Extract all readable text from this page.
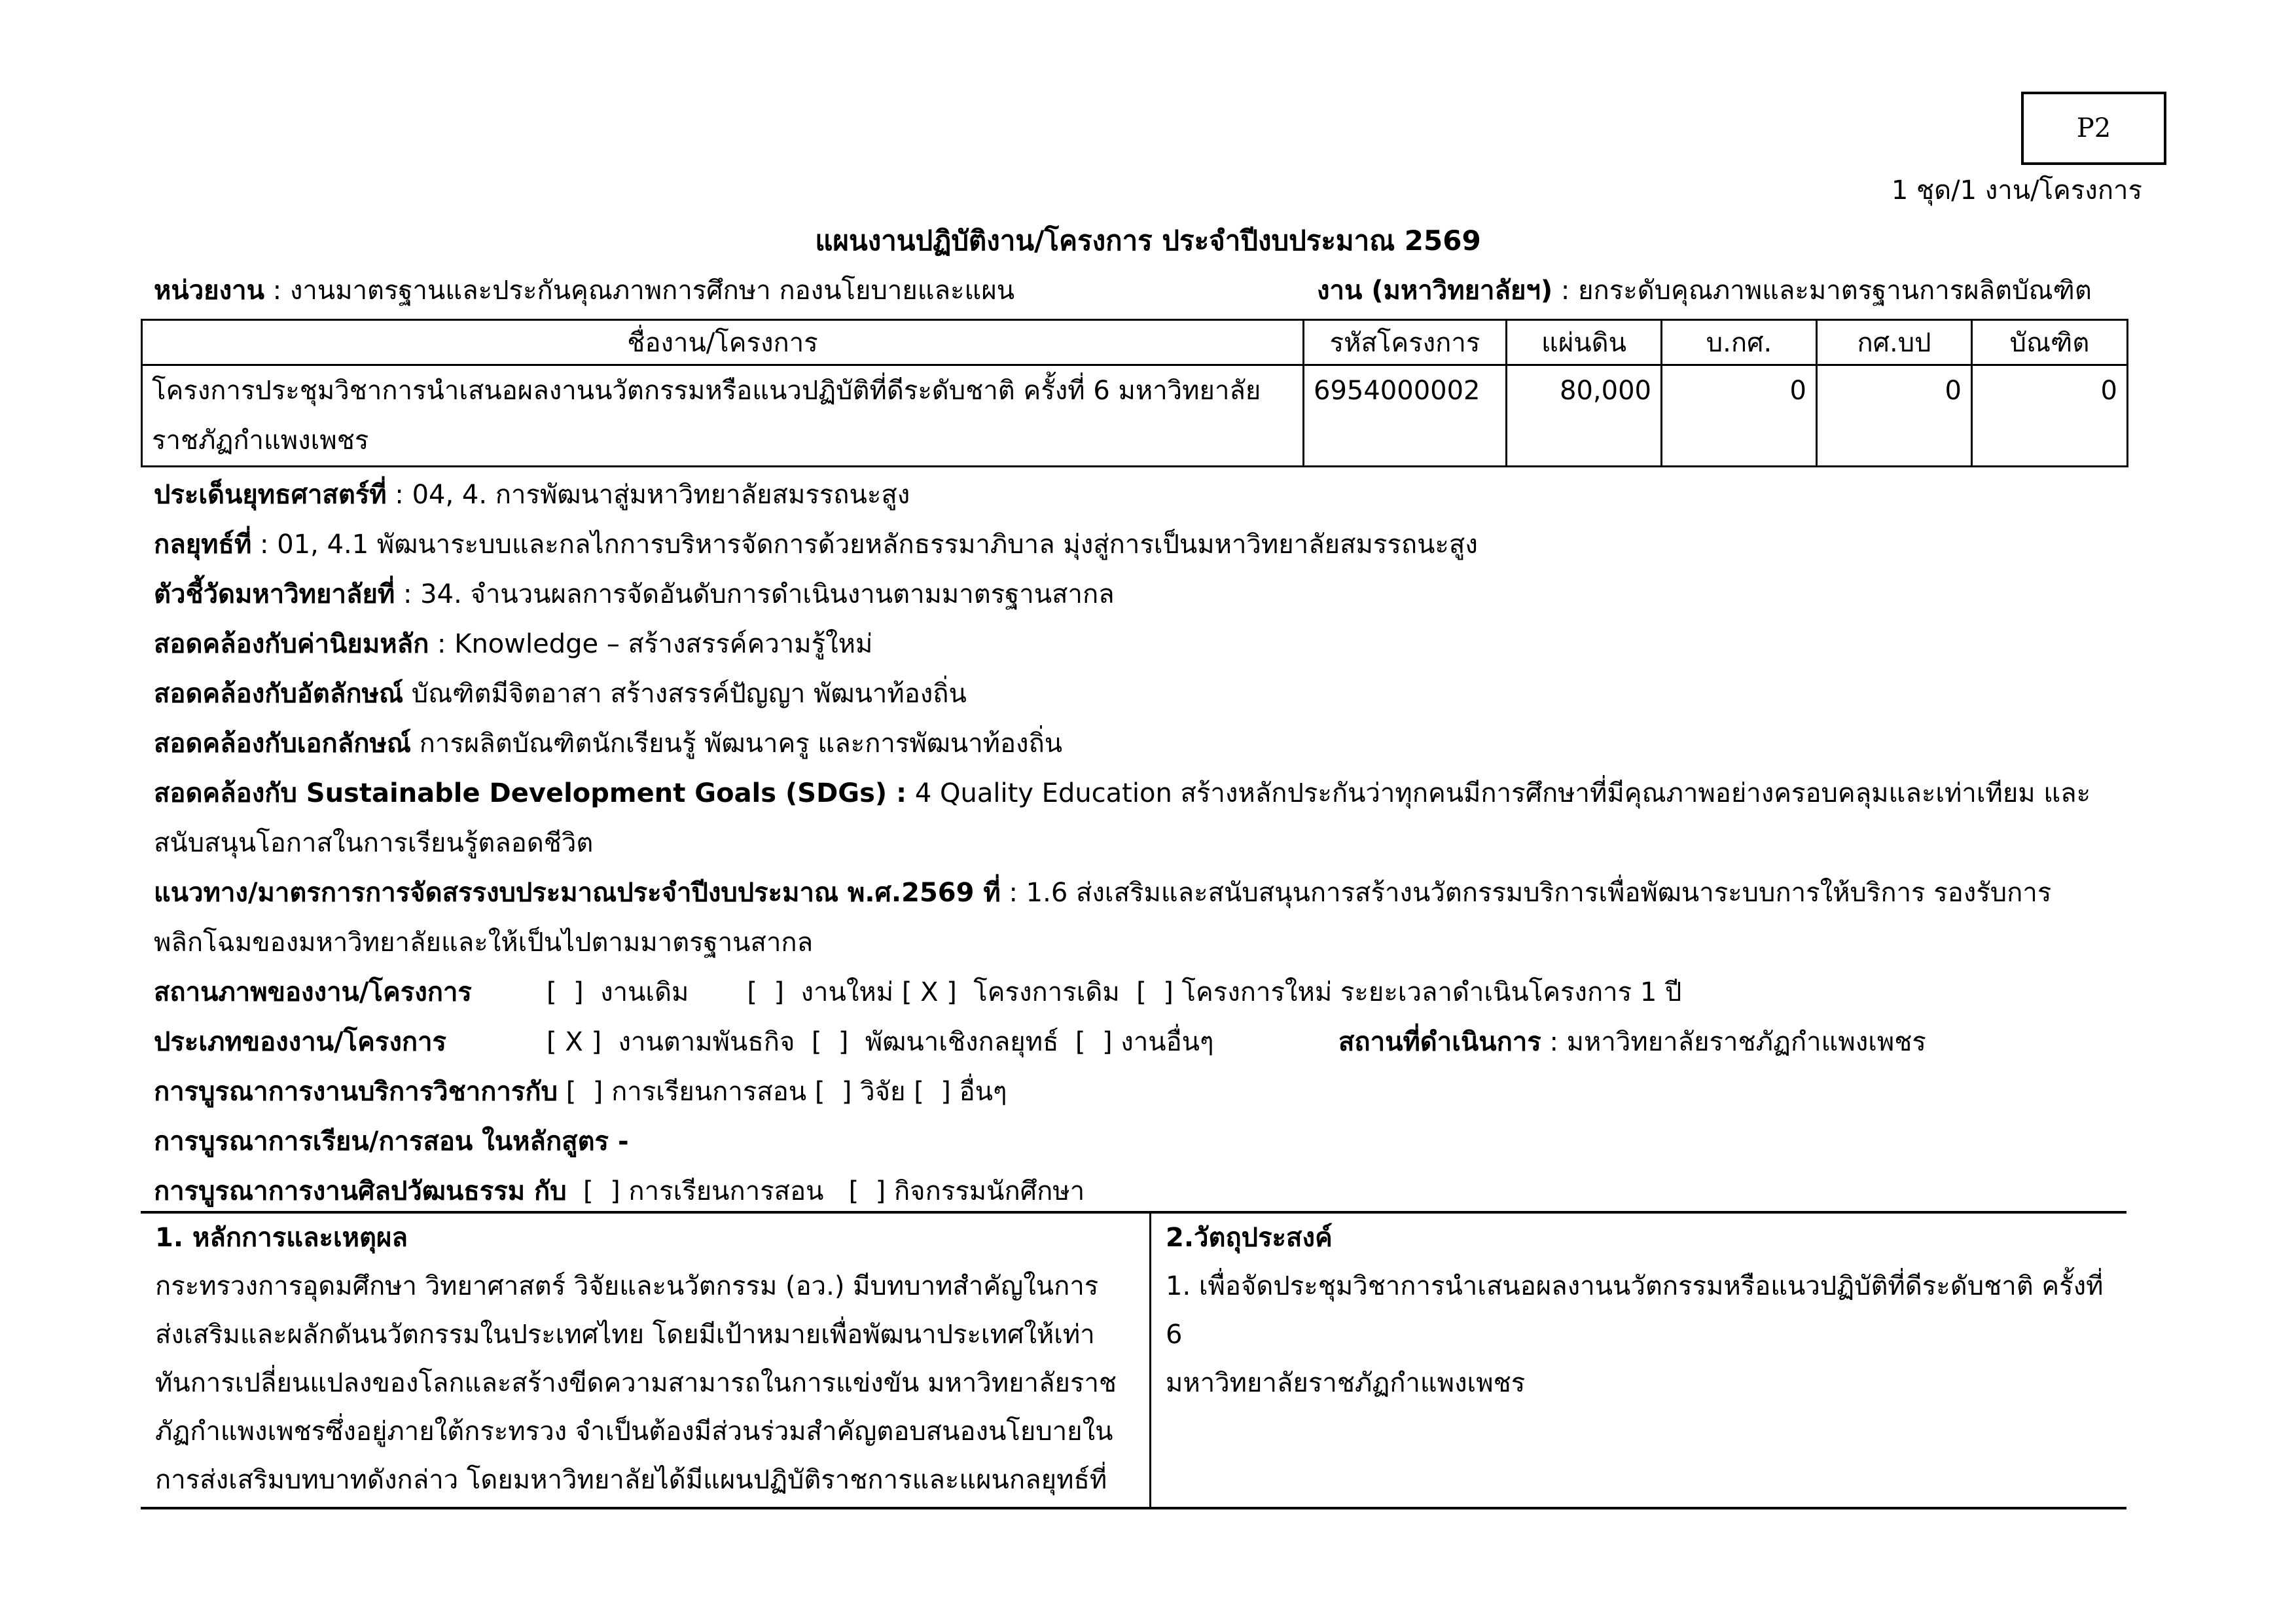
P2
1 ชุด/1 งาน/โครงการ
แผนงานปฏิบัติงาน/โครงการ ประจำปีงบประมาณ 2569
หน่วยงาน : งานมาตรฐานและประกันคุณภาพการศึกษา กองนโยบายและแผน	งาน (มหาวิทยาลัยฯ) : ยกระดับคุณภาพและมาตรฐานการผลิตบัณฑิต
ชื่องาน/โครงการ	รหัสโครงการ	แผ่นดิน	บ.กศ.	กศ.บป	บัณฑิต
โครงการประชุมวิชาการนำเสนอผลงานนวัตกรรมหรือแนวปฏิบัติที่ดีระดับชาติ ครั้งที่ 6 มหาวิทยาลัยราชภัฏกำแพงเพชร	6954000002	80,000	0	0	0
ประเด็นยุทธศาสตร์ที่ : 04, 4. การพัฒนาสู่มหาวิทยาลัยสมรรถนะสูง
กลยุทธ์ที่ : 01, 4.1 พัฒนาระบบและกลไกการบริหารจัดการด้วยหลักธรรมาภิบาล มุ่งสู่การเป็นมหาวิทยาลัยสมรรถนะสูง
ตัวชี้วัดมหาวิทยาลัยที่ : 34. จำนวนผลการจัดอันดับการดำเนินงานตามมาตรฐานสากล
สอดคล้องกับค่านิยมหลัก : Knowledge – สร้างสรรค์ความรู้ใหม่
สอดคล้องกับอัตลักษณ์ บัณฑิตมีจิตอาสา สร้างสรรค์ปัญญา พัฒนาท้องถิ่น
สอดคล้องกับเอกลักษณ์ การผลิตบัณฑิตนักเรียนรู้ พัฒนาครู และการพัฒนาท้องถิ่น
สอดคล้องกับ Sustainable Development Goals (SDGs) : 4 Quality Education สร้างหลักประกันว่าทุกคนมีการศึกษาที่มีคุณภาพอย่างครอบคลุมและเท่าเทียม และ
สนับสนุนโอกาสในการเรียนรู้ตลอดชีวิต
แนวทาง/มาตรการการจัดสรรงบประมาณประจำปีงบประมาณ พ.ศ.2569 ที่ : 1.6 ส่งเสริมและสนับสนุนการสร้างนวัตกรรมบริการเพื่อพัฒนาระบบการให้บริการ รองรับการ
พลิกโฉมของมหาวิทยาลัยและให้เป็นไปตามมาตรฐานสากล
สถานภาพของงาน/โครงการ	[  ]  งานเดิม       [  ]  งานใหม่ [ X ]  โครงการเดิม  [  ] โครงการใหม่ ระยะเวลาดำเนินโครงการ 1 ปี
ประเภทของงาน/โครงการ	[ X ]  งานตามพันธกิจ  [  ]  พัฒนาเชิงกลยุทธ์  [  ] งานอื่นๆ	สถานที่ดำเนินการ : มหาวิทยาลัยราชภัฏกำแพงเพชร
การบูรณาการงานบริการวิชาการกับ [  ] การเรียนการสอน [  ] วิจัย [  ] อื่นๆ
การบูรณาการเรียน/การสอน ในหลักสูตร -
การบูรณาการงานศิลปวัฒนธรรม กับ  [  ] การเรียนการสอน   [  ] กิจกรรมนักศึกษา
1. หลักการและเหตุผล
กระทรวงการอุดมศึกษา วิทยาศาสตร์ วิจัยและนวัตกรรม (อว.) มีบทบาทสำคัญในการ
ส่งเสริมและผลักดันนวัตกรรมในประเทศไทย โดยมีเป้าหมายเพื่อพัฒนาประเทศให้เท่า
ทันการเปลี่ยนแปลงของโลกและสร้างขีดความสามารถในการแข่งขัน มหาวิทยาลัยราช
ภัฏกำแพงเพชรซึ่งอยู่ภายใต้กระทรวง จำเป็นต้องมีส่วนร่วมสำคัญตอบสนองนโยบายใน
การส่งเสริมบทบาทดังกล่าว โดยมหาวิทยาลัยได้มีแผนปฏิบัติราชการและแผนกลยุทธ์ที่
2.วัตถุประสงค์
1. เพื่อจัดประชุมวิชาการนำเสนอผลงานนวัตกรรมหรือแนวปฏิบัติที่ดีระดับชาติ ครั้งที่ 6
มหาวิทยาลัยราชภัฏกำแพงเพชร
